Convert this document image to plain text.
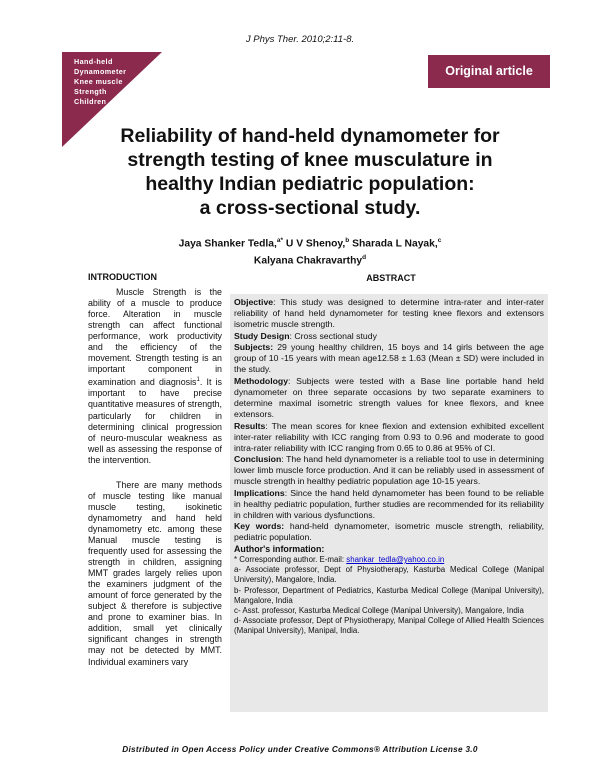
J Phys Ther. 2010;2:11-8.
Hand-held
Dynamometer
Knee muscle
Strength
Children
Original article
Reliability of hand-held dynamometer for
strength testing of knee musculature in
healthy Indian pediatric population:
a cross-sectional study.
Jaya Shanker Tedla,$^{a*}$ U V Shenoy,$^b$ Sharada L Nayak,$^c$
Kalyana Chakravarthy$^d$
INTRODUCTION

Muscle Strength is the ability of a muscle to produce force. Alteration in muscle strength can affect functional performance, work productivity and the efficiency of the movement. Strength testing is an important component in examination and diagnosis$^1$. It is important to have precise quantitative measures of strength, particularly for children in determining clinical progression of neuro-muscular weakness as well as assessing the response of the intervention.

There are many methods of muscle testing like manual muscle testing, isokinetic dynamometry and hand held dynamometry etc. among these Manual muscle testing is frequently used for assessing the strength in children, assigning MMT grades largely relies upon the examiners judgment of the amount of force generated by the subject & therefore is subjective and prone to examiner bias. In addition, small yet clinically significant changes in strength may not be detected by MMT. Individual examiners vary

ABSTRACT

Objective: This study was designed to determine intra-rater and inter-rater reliability of hand held dynamometer for testing knee flexors and extensors isometric muscle strength.

Study Design: Cross sectional study

Subjects: 29 young healthy children, 15 boys and 14 girls between the age group of 10 -15 years with mean age12.58 ± 1.63 (Mean ± SD) were included in the study.

Methodology: Subjects were tested with a Base line portable hand held dynamometer on three separate occasions by two separate examiners to determine maximal isometric strength values for knee flexors, and knee extensors.

Results: The mean scores for knee flexion and extension exhibited excellent inter-rater reliability with ICC ranging from 0.93 to 0.96 and moderate to good intra-rater reliability with ICC ranging from 0.65 to 0.86 at 95% of CI.

Conclusion: The hand held dynamometer is a reliable tool to use in determining lower limb muscle force production. And it can be reliably used in assessment of muscle strength in healthy pediatric population age 10-15 years.

Implications: Since the hand held dynamometer has been found to be reliable in healthy pediatric population, further studies are recommended for its reliability in children with various dysfunctions.

Key words: hand-held dynamometer, isometric muscle strength, reliability, pediatric population.

Author's information:

* Corresponding author. E-mail: shankar_tedla@yahoo.co.in

a- Associate professor, Dept of Physiotherapy, Kasturba Medical College (Manipal University), Mangalore, India.

b- Professor, Department of Pediatrics, Kasturba Medical College (Manipal University), Mangalore, India

c- Asst. professor, Kasturba Medical College (Manipal University), Mangalore, India

d- Associate professor, Dept of Physiotherapy, Manipal College of Allied Health Sciences (Manipal University), Manipal, India.

Distributed in Open Access Policy under Creative Commons® Attribution License 3.0
